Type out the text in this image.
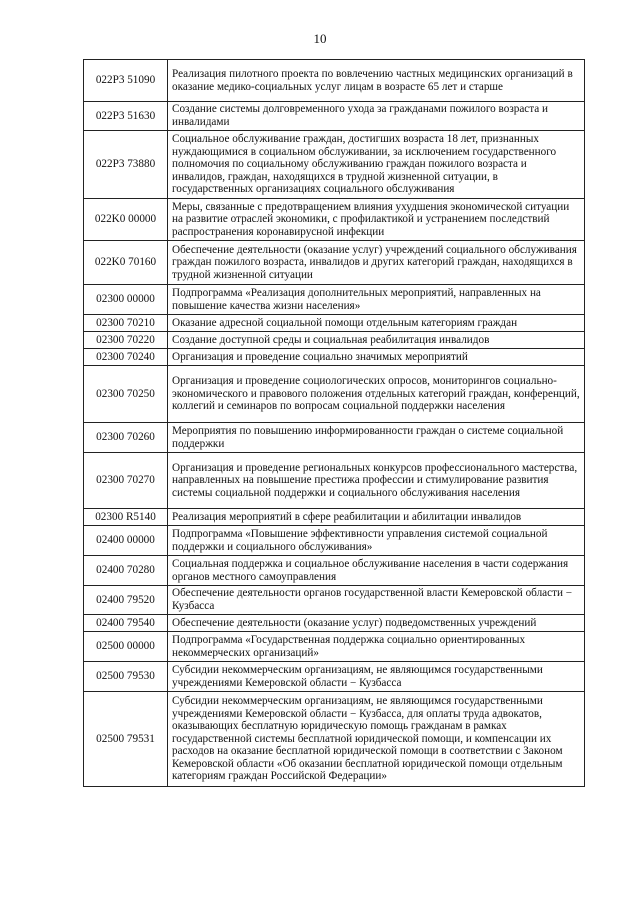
10
022P3 51090	Реализация пилотного проекта по вовлечению частных медицинских организаций в оказание медико-социальных услуг лицам в возрасте 65 лет и старше

022P3 51630	Создание системы долговременного ухода за гражданами пожилого возраста и инвалидами

022P3 73880	Социальное обслуживание граждан, достигших возраста 18 лет, признанных нуждающимися в социальном обслуживании, за исключением государственного полномочия по социальному обслуживанию граждан пожилого возраста и инвалидов, граждан, находящихся в трудной жизненной ситуации, в государственных организациях социального обслуживания

022K0 00000	Меры, связанные с предотвращением влияния ухудшения экономической ситуации на развитие отраслей экономики, с профилактикой и устранением последствий распространения коронавирусной инфекции

022K0 70160	Обеспечение деятельности (оказание услуг) учреждений социального обслуживания граждан пожилого возраста, инвалидов и других категорий граждан, находящихся в трудной жизненной ситуации

02300 00000	Подпрограмма «Реализация дополнительных мероприятий, направленных на повышение качества жизни населения»

02300 70210	Оказание адресной социальной помощи отдельным категориям граждан

02300 70220	Создание доступной среды и социальная реабилитация инвалидов

02300 70240	Организация и проведение социально значимых мероприятий

02300 70250	Организация и проведение социологических опросов, мониторингов социально-экономического и правового положения отдельных категорий граждан, конференций, коллегий и семинаров по вопросам социальной поддержки населения

02300 70260	Мероприятия по повышению информированности граждан о системе социальной поддержки

02300 70270	Организация и проведение региональных конкурсов профессионального мастерства, направленных на повышение престижа профессии и стимулирование развития системы социальной поддержки и социального обслуживания населения

02300 R5140	Реализация мероприятий в сфере реабилитации и абилитации инвалидов

02400 00000	Подпрограмма «Повышение эффективности управления системой социальной поддержки и социального обслуживания»

02400 70280	Социальная поддержка и социальное обслуживание населения в части содержания органов местного самоуправления

02400 79520	Обеспечение деятельности органов государственной власти Кемеровской области − Кузбасса

02400 79540	Обеспечение деятельности (оказание услуг) подведомственных учреждений

02500 00000	Подпрограмма «Государственная поддержка социально ориентированных некоммерческих организаций»

02500 79530	Субсидии некоммерческим организациям, не являющимся государственными учреждениями Кемеровской области − Кузбасса

02500 79531	Субсидии некоммерческим организациям, не являющимся государственными учреждениями Кемеровской области − Кузбасса, для оплаты труда адвокатов, оказывающих бесплатную юридическую помощь гражданам в рамках государственной системы бесплатной юридической помощи, и компенсации их расходов на оказание бесплатной юридической помощи в соответствии с Законом Кемеровской области «Об оказании бесплатной юридической помощи отдельным категориям граждан Российской Федерации»
